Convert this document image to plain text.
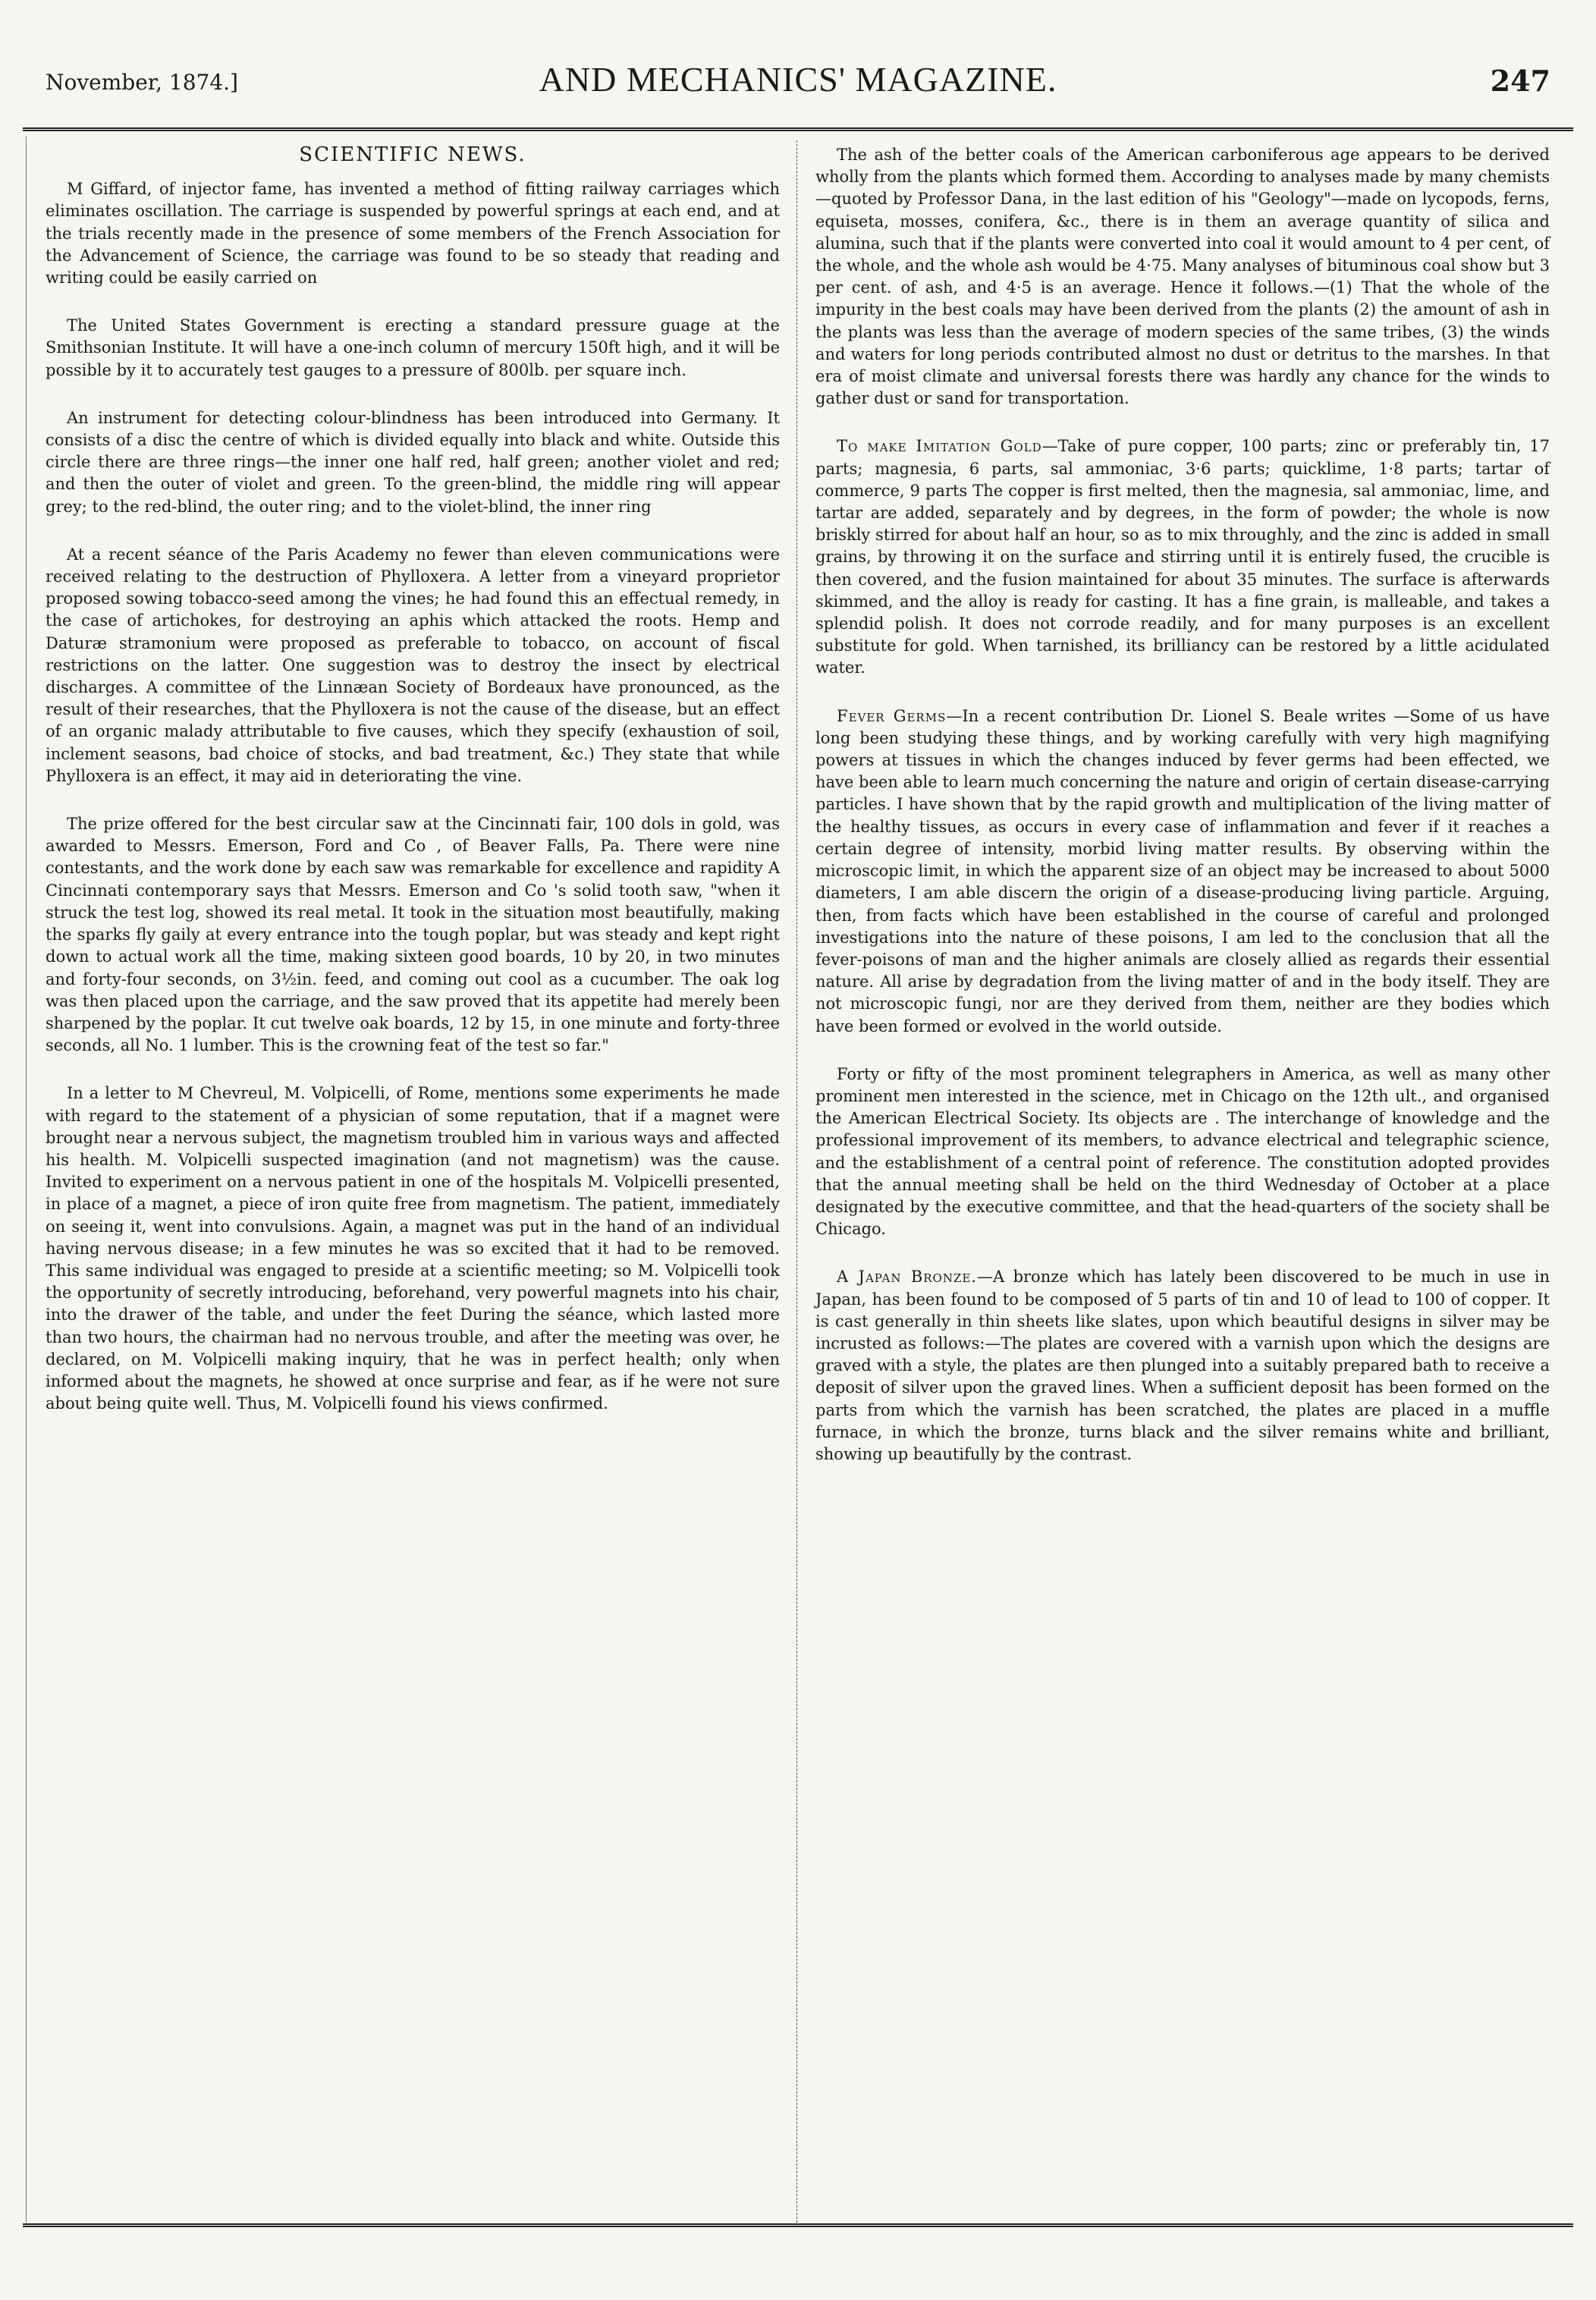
November, 1874.]	AND MECHANICS' MAGAZINE.	247
SCIENTIFIC NEWS.

M Giffard, of injector fame, has invented a method of fitting railway carriages which eliminates oscillation. The carriage is suspended by powerful springs at each end, and at the trials recently made in the presence of some members of the French Association for the Advancement of Science, the carriage was found to be so steady that reading and writing could be easily carried on

The United States Government is erecting a standard pressure guage at the Smithsonian Institute. It will have a one-inch column of mercury 150ft high, and it will be possible by it to accurately test gauges to a pressure of 800lb. per square inch.

An instrument for detecting colour-blindness has been introduced into Germany. It consists of a disc the centre of which is divided equally into black and white. Outside this circle there are three rings—the inner one half red, half green; another violet and red; and then the outer of violet and green. To the green-blind, the middle ring will appear grey; to the red-blind, the outer ring; and to the violet-blind, the inner ring

At a recent séance of the Paris Academy no fewer than eleven communications were received relating to the destruction of Phylloxera. A letter from a vineyard proprietor proposed sowing tobacco-seed among the vines; he had found this an effectual remedy, in the case of artichokes, for destroying an aphis which attacked the roots. Hemp and Daturæ stramonium were proposed as preferable to tobacco, on account of fiscal restrictions on the latter. One suggestion was to destroy the insect by electrical discharges. A committee of the Linnæan Society of Bordeaux have pronounced, as the result of their researches, that the Phylloxera is not the cause of the disease, but an effect of an organic malady attributable to five causes, which they specify (exhaustion of soil, inclement seasons, bad choice of stocks, and bad treatment, &c.) They state that while Phylloxera is an effect, it may aid in deteriorating the vine.

The prize offered for the best circular saw at the Cincinnati fair, 100 dols in gold, was awarded to Messrs. Emerson, Ford and Co , of Beaver Falls, Pa. There were nine contestants, and the work done by each saw was remarkable for excellence and rapidity A Cincinnati contemporary says that Messrs. Emerson and Co 's solid tooth saw, "when it struck the test log, showed its real metal. It took in the situation most beautifully, making the sparks fly gaily at every entrance into the tough poplar, but was steady and kept right down to actual work all the time, making sixteen good boards, 10 by 20, in two minutes and forty-four seconds, on 3½in. feed, and coming out cool as a cucumber. The oak log was then placed upon the carriage, and the saw proved that its appetite had merely been sharpened by the poplar. It cut twelve oak boards, 12 by 15, in one minute and forty-three seconds, all No. 1 lumber. This is the crowning feat of the test so far."

In a letter to M Chevreul, M. Volpicelli, of Rome, mentions some experiments he made with regard to the statement of a physician of some reputation, that if a magnet were brought near a nervous subject, the magnetism troubled him in various ways and affected his health. M. Volpicelli suspected imagination (and not magnetism) was the cause. Invited to experiment on a nervous patient in one of the hospitals M. Volpicelli presented, in place of a magnet, a piece of iron quite free from magnetism. The patient, immediately on seeing it, went into convulsions. Again, a magnet was put in the hand of an individual having nervous disease; in a few minutes he was so excited that it had to be removed. This same individual was engaged to preside at a scientific meeting; so M. Volpicelli took the opportunity of secretly introducing, beforehand, very powerful magnets into his chair, into the drawer of the table, and under the feet During the séance, which lasted more than two hours, the chairman had no nervous trouble, and after the meeting was over, he declared, on M. Volpicelli making inquiry, that he was in perfect health; only when informed about the magnets, he showed at once surprise and fear, as if he were not sure about being quite well. Thus, M. Volpicelli found his views confirmed.

The ash of the better coals of the American carboniferous age appears to be derived wholly from the plants which formed them. According to analyses made by many chemists—quoted by Professor Dana, in the last edition of his "Geology"—made on lycopods, ferns, equiseta, mosses, conifera, &c., there is in them an average quantity of silica and alumina, such that if the plants were converted into coal it would amount to 4 per cent, of the whole, and the whole ash would be 4·75. Many analyses of bituminous coal show but 3 per cent. of ash, and 4·5 is an average. Hence it follows.—(1) That the whole of the impurity in the best coals may have been derived from the plants (2) the amount of ash in the plants was less than the average of modern species of the same tribes, (3) the winds and waters for long periods contributed almost no dust or detritus to the marshes. In that era of moist climate and universal forests there was hardly any chance for the winds to gather dust or sand for transportation.

To make Imitation Gold—Take of pure copper, 100 parts; zinc or preferably tin, 17 parts; magnesia, 6 parts, sal ammoniac, 3·6 parts; quicklime, 1·8 parts; tartar of commerce, 9 parts The copper is first melted, then the magnesia, sal ammoniac, lime, and tartar are added, separately and by degrees, in the form of powder; the whole is now briskly stirred for about half an hour, so as to mix throughly, and the zinc is added in small grains, by throwing it on the surface and stirring until it is entirely fused, the crucible is then covered, and the fusion maintained for about 35 minutes. The surface is afterwards skimmed, and the alloy is ready for casting. It has a fine grain, is malleable, and takes a splendid polish. It does not corrode readily, and for many purposes is an excellent substitute for gold. When tarnished, its brilliancy can be restored by a little acidulated water.

Fever Germs—In a recent contribution Dr. Lionel S. Beale writes —Some of us have long been studying these things, and by working carefully with very high magnifying powers at tissues in which the changes induced by fever germs had been effected, we have been able to learn much concerning the nature and origin of certain disease-carrying particles. I have shown that by the rapid growth and multiplication of the living matter of the healthy tissues, as occurs in every case of inflammation and fever if it reaches a certain degree of intensity, morbid living matter results. By observing within the microscopic limit, in which the apparent size of an object may be increased to about 5000 diameters, I am able discern the origin of a disease-producing living particle. Arguing, then, from facts which have been established in the course of careful and prolonged investigations into the nature of these poisons, I am led to the conclusion that all the fever-poisons of man and the higher animals are closely allied as regards their essential nature. All arise by degradation from the living matter of and in the body itself. They are not microscopic fungi, nor are they derived from them, neither are they bodies which have been formed or evolved in the world outside.

Forty or fifty of the most prominent telegraphers in America, as well as many other prominent men interested in the science, met in Chicago on the 12th ult., and organised the American Electrical Society. Its objects are . The interchange of knowledge and the professional improvement of its members, to advance electrical and telegraphic science, and the establishment of a central point of reference. The constitution adopted provides that the annual meeting shall be held on the third Wednesday of October at a place designated by the executive committee, and that the head-quarters of the society shall be Chicago.

A Japan Bronze.—A bronze which has lately been discovered to be much in use in Japan, has been found to be composed of 5 parts of tin and 10 of lead to 100 of copper. It is cast generally in thin sheets like slates, upon which beautiful designs in silver may be incrusted as follows:—The plates are covered with a varnish upon which the designs are graved with a style, the plates are then plunged into a suitably prepared bath to receive a deposit of silver upon the graved lines. When a sufficient deposit has been formed on the parts from which the varnish has been scratched, the plates are placed in a muffle furnace, in which the bronze, turns black and the silver remains white and brilliant, showing up beautifully by the contrast.
